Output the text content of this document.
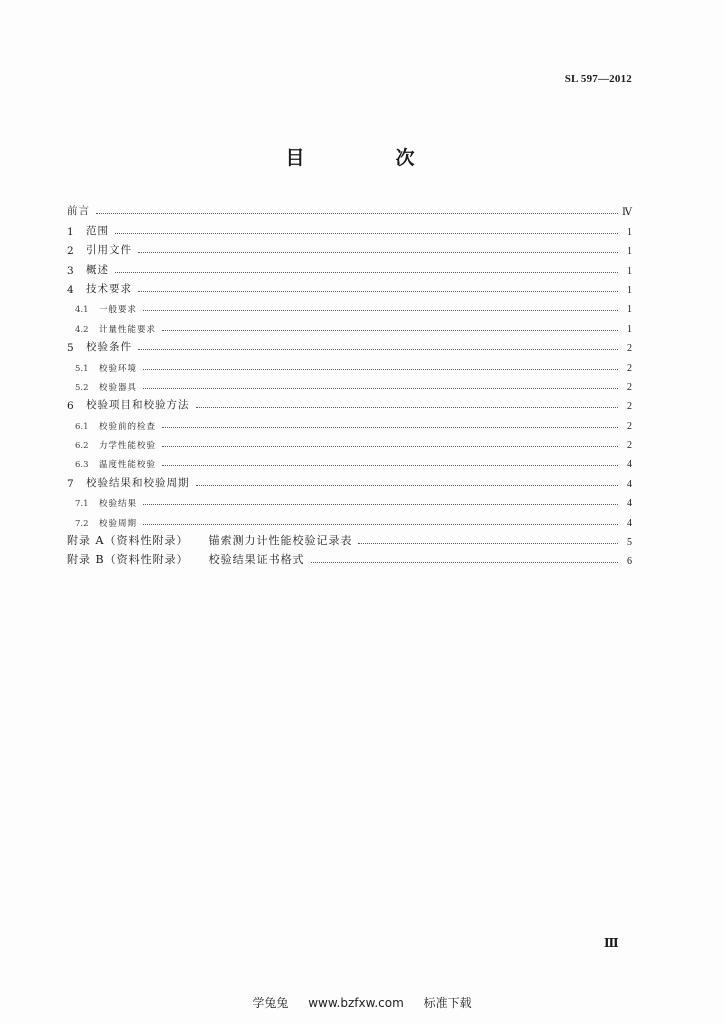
SL 597—2012
目　次
前言	Ⅳ
1	范围	1
2	引用文件	1
3	概述	1
4	技术要求	1
4.1	一般要求	1
4.2	计量性能要求	1
5	校验条件	2
5.1	校验环境	2
5.2	校验器具	2
6	校验项目和校验方法	2
6.1	校验前的检查	2
6.2	力学性能校验	2
6.3	温度性能校验	4
7	校验结果和校验周期	4
7.1	校验结果	4
7.2	校验周期	4
附录 A（资料性附录） 锚索测力计性能校验记录表	5
附录 B（资料性附录） 校验结果证书格式	6
Ⅲ
学兔兔 www.bzfxw.com 标准下载
